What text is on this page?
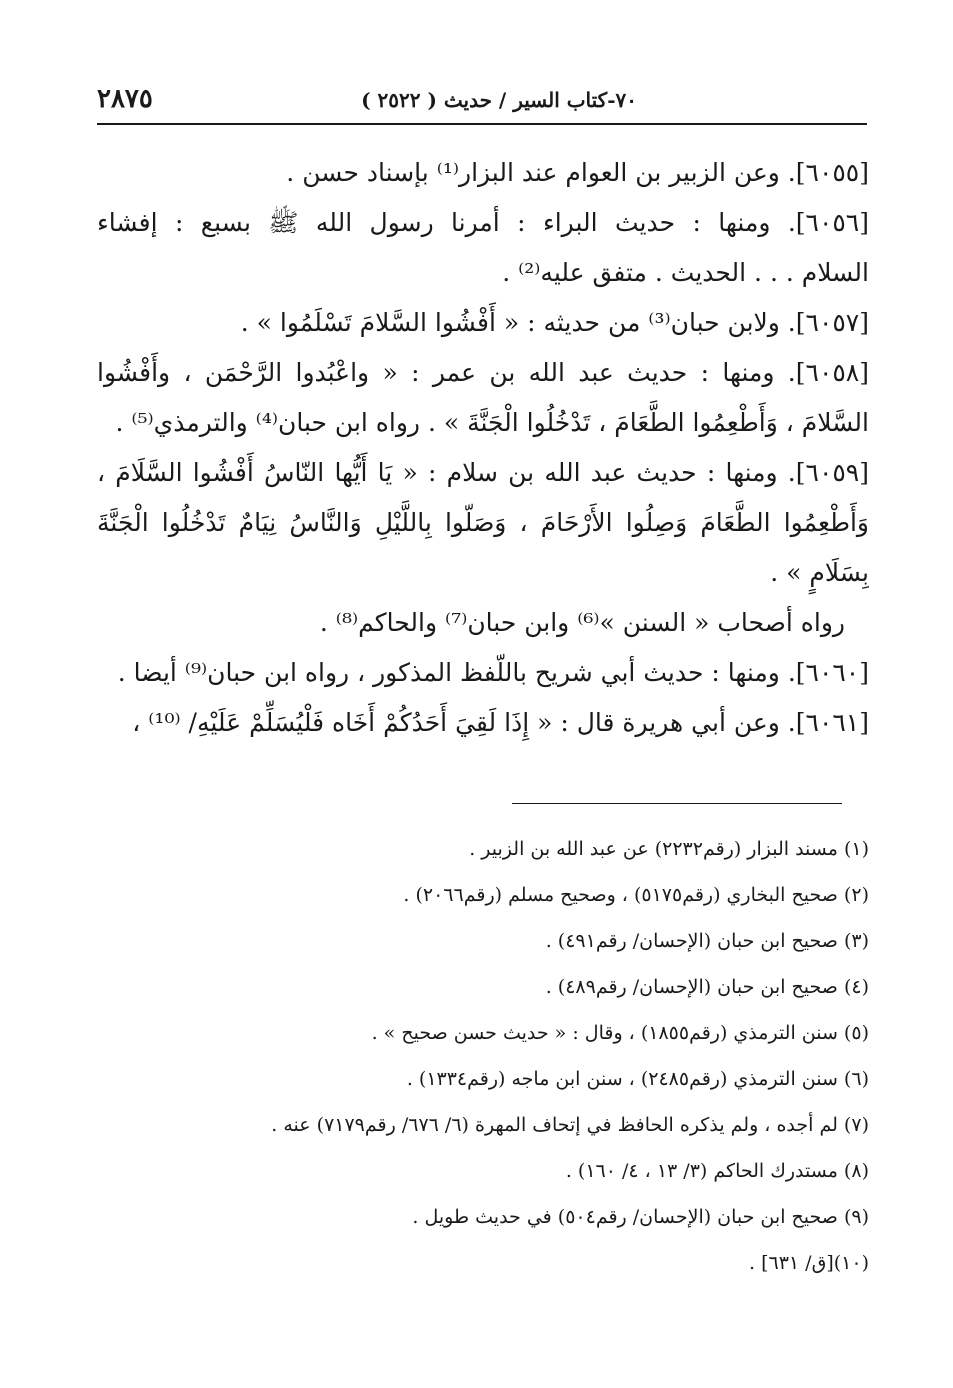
٧٠-كتاب السير / حديث ( ٢٥٢٢ )
٢٨٧٥
[٦٠٥٥]. وعن الزبير بن العوام عند البزار⁽¹⁾ بإسناد حسن .
[٦٠٥٦]. ومنها : حديث البراء : أمرنا رسول الله ﷺ بسبع : إفشاء
السلام . . . الحديث . متفق عليه⁽²⁾ .
[٦٠٥٧]. ولابن حبان⁽³⁾ من حديثه : « أَفْشُوا السَّلامَ تَسْلَمُوا » .
[٦٠٥٨]. ومنها : حديث عبد الله بن عمر : « واعْبُدوا الرَّحْمَن ، وأَفْشُوا
السَّلامَ ، وَأَطْعِمُوا الطَّعَامَ ، تَدْخُلُوا الْجَنَّةَ » . رواه ابن حبان⁽⁴⁾ والترمذي⁽⁵⁾ .
[٦٠٥٩]. ومنها : حديث عبد الله بن سلام : « يَا أَيُّها النّاسُ أَفْشُوا السَّلَامَ ،
وَأَطْعِمُوا الطَّعَامَ وَصِلُوا الأَرْحَامَ ، وَصَلّوا بِاللَّيْلِ وَالنَّاسُ نِيَامٌ تَدْخُلُوا الْجَنَّةَ
بِسَلَامٍ » .
رواه أصحاب « السنن »⁽⁶⁾ وابن حبان⁽⁷⁾ والحاكم⁽⁸⁾ .
[٦٠٦٠]. ومنها : حديث أبي شريح باللّفظ المذكور ، رواه ابن حبان⁽⁹⁾ أيضا .
[٦٠٦١]. وعن أبي هريرة قال : « إِذَا لَقِيَ أَحَدُكُمْ أَخَاه فَلْيُسَلِّمْ عَلَيْهِ/ ⁽¹⁰⁾ ،
(١) مسند البزار (رقم٢٢٣٢) عن عبد الله بن الزبير .
(٢) صحيح البخاري (رقم٥١٧٥) ، وصحيح مسلم (رقم٢٠٦٦) .
(٣) صحيح ابن حبان (الإحسان/ رقم٤٩١) .
(٤) صحيح ابن حبان (الإحسان/ رقم٤٨٩) .
(٥) سنن الترمذي (رقم١٨٥٥) ، وقال : « حديث حسن صحيح » .
(٦) سنن الترمذي (رقم٢٤٨٥) ، سنن ابن ماجه (رقم١٣٣٤) .
(٧) لم أجده ، ولم يذكره الحافظ في إتحاف المهرة (٦/ ٦٧٦/ رقم٧١٧٩) عنه .
(٨) مستدرك الحاكم (٣/ ١٣ ، ٤/ ١٦٠) .
(٩) صحيح ابن حبان (الإحسان/ رقم٥٠٤) في حديث طويل .
(١٠)[ق/ ٦٣١] .
